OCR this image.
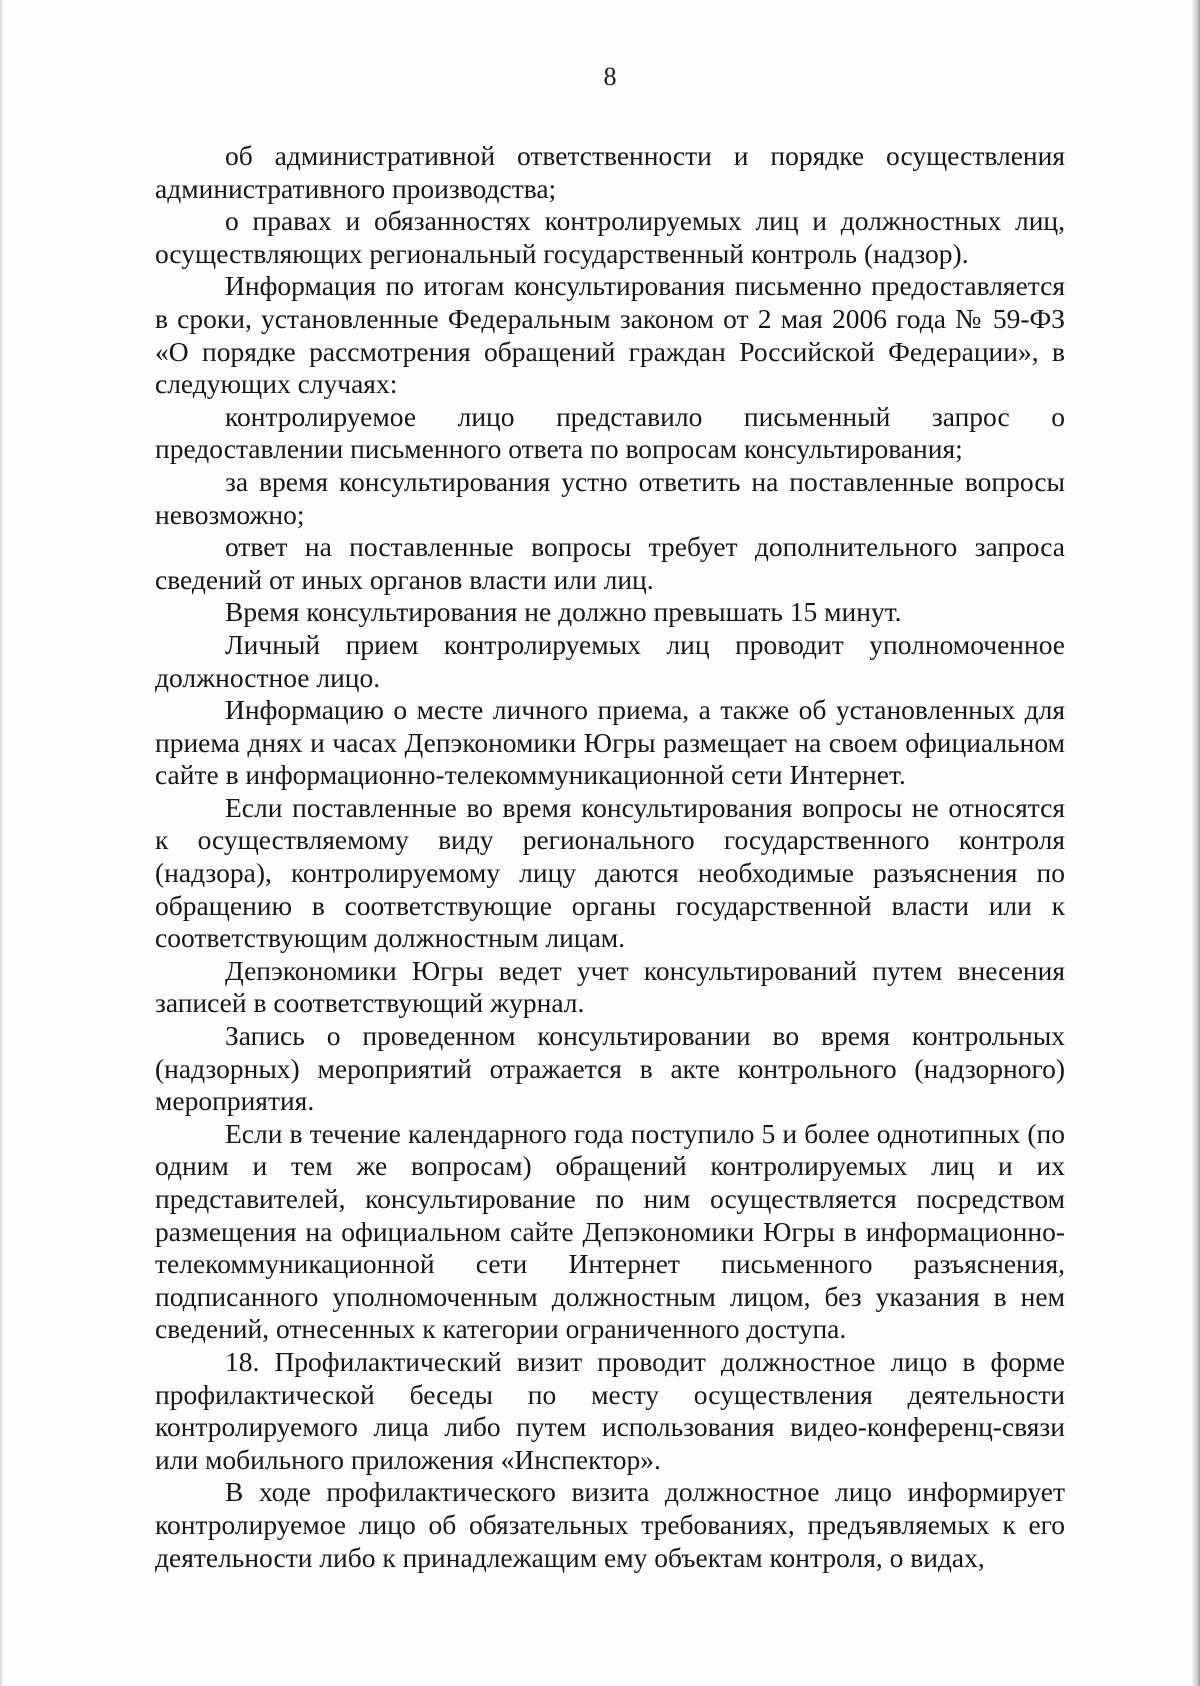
8

об административной ответственности и порядке осуществления административного производства;

о правах и обязанностях контролируемых лиц и должностных лиц, осуществляющих региональный государственный контроль (надзор).

Информация по итогам консультирования письменно предоставляется в сроки, установленные Федеральным законом от 2 мая 2006 года № 59-ФЗ «О порядке рассмотрения обращений граждан Российской Федерации», в следующих случаях:

контролируемое лицо представило письменный запрос о предоставлении письменного ответа по вопросам консультирования;

за время консультирования устно ответить на поставленные вопросы невозможно;

ответ на поставленные вопросы требует дополнительного запроса сведений от иных органов власти или лиц.

Время консультирования не должно превышать 15 минут.

Личный прием контролируемых лиц проводит уполномоченное должностное лицо.

Информацию о месте личного приема, а также об установленных для приема днях и часах Депэкономики Югры размещает на своем официальном сайте в информационно-телекоммуникационной сети Интернет.

Если поставленные во время консультирования вопросы не относятся к осуществляемому виду регионального государственного контроля (надзора), контролируемому лицу даются необходимые разъяснения по обращению в соответствующие органы государственной власти или к соответствующим должностным лицам.

Депэкономики Югры ведет учет консультирований путем внесения записей в соответствующий журнал.

Запись о проведенном консультировании во время контрольных (надзорных) мероприятий отражается в акте контрольного (надзорного) мероприятия.

Если в течение календарного года поступило 5 и более однотипных (по одним и тем же вопросам) обращений контролируемых лиц и их представителей, консультирование по ним осуществляется посредством размещения на официальном сайте Депэкономики Югры в информационно-телекоммуникационной сети Интернет письменного разъяснения, подписанного уполномоченным должностным лицом, без указания в нем сведений, отнесенных к категории ограниченного доступа.

18. Профилактический визит проводит должностное лицо в форме профилактической беседы по месту осуществления деятельности контролируемого лица либо путем использования видео-конференц-связи или мобильного приложения «Инспектор».

В ходе профилактического визита должностное лицо информирует контролируемое лицо об обязательных требованиях, предъявляемых к его деятельности либо к принадлежащим ему объектам контроля, о видах,
